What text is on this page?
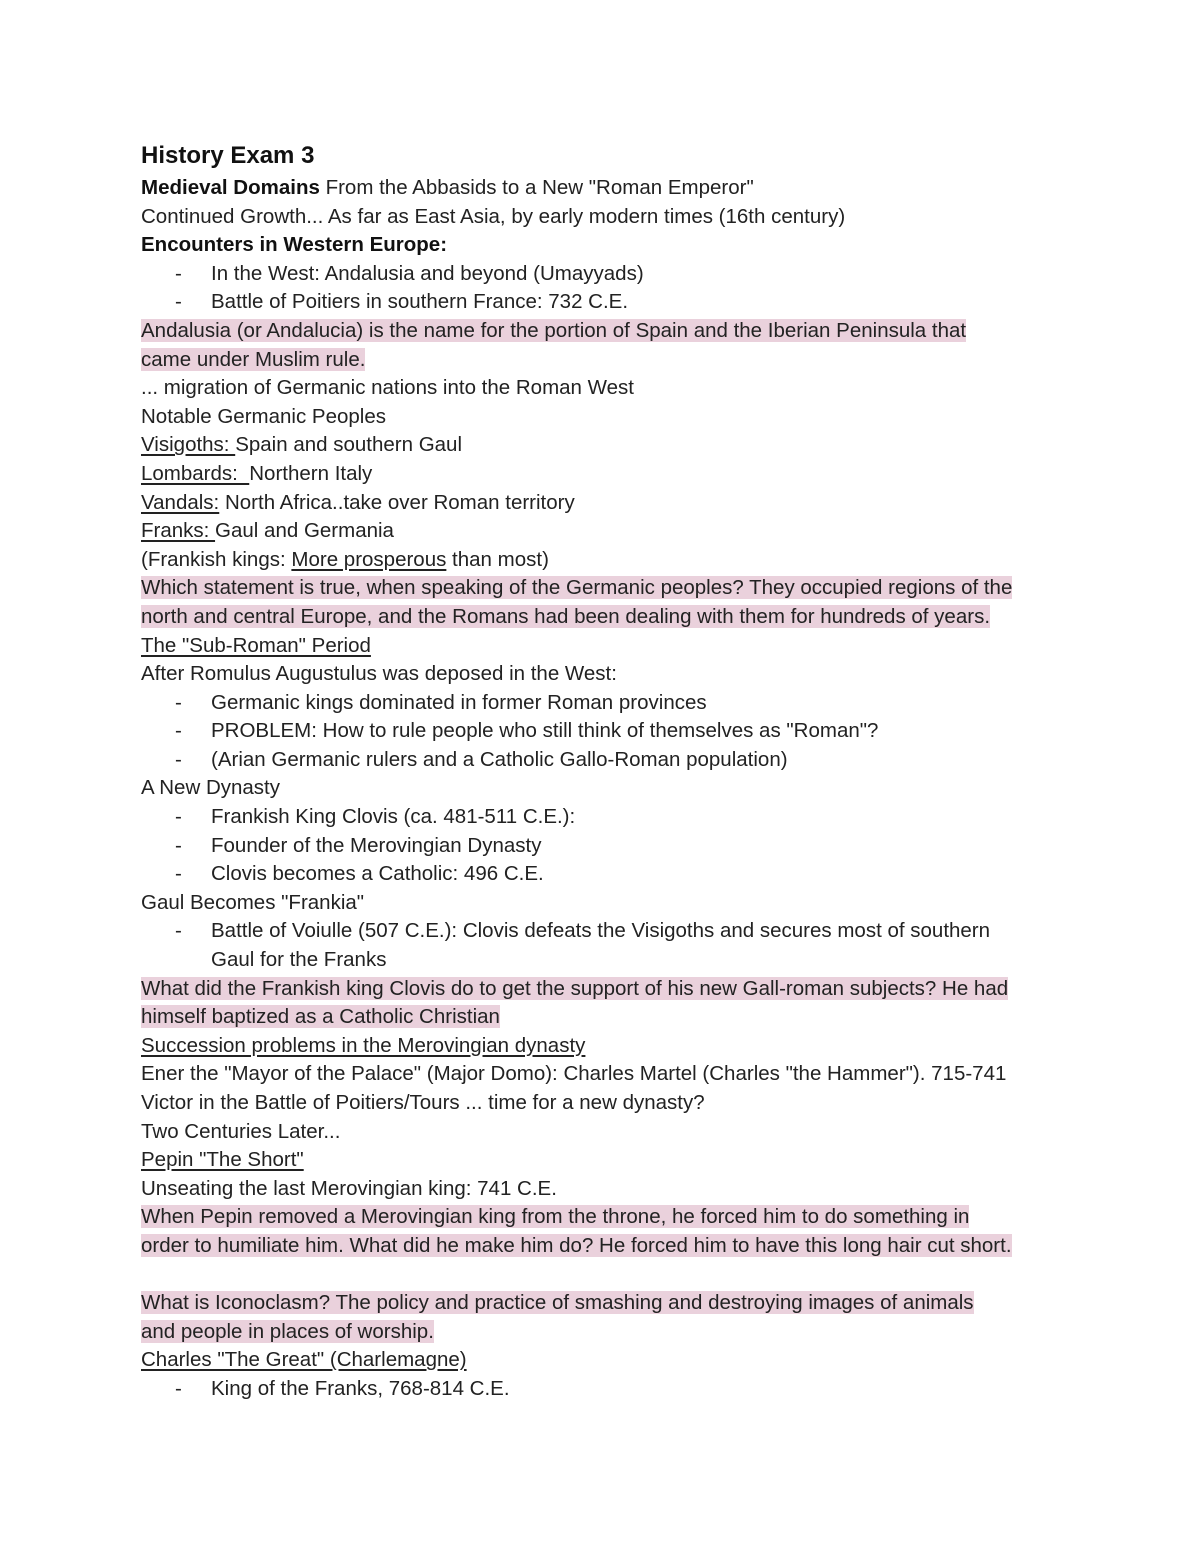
History Exam 3
Medieval Domains From the Abbasids to a New "Roman Emperor"
Continued Growth... As far as East Asia, by early modern times (16th century)
Encounters in Western Europe:
- In the West: Andalusia and beyond (Umayyads)
- Battle of Poitiers in southern France: 732 C.E.
Andalusia (or Andalucia) is the name for the portion of Spain and the Iberian Peninsula that
came under Muslim rule.
... migration of Germanic nations into the Roman West
Notable Germanic Peoples
Visigoths: Spain and southern Gaul
Lombards:  Northern Italy
Vandals: North Africa..take over Roman territory
Franks: Gaul and Germania
(Frankish kings: More prosperous than most)
Which statement is true, when speaking of the Germanic peoples? They occupied regions of the
north and central Europe, and the Romans had been dealing with them for hundreds of years.
The "Sub-Roman" Period
After Romulus Augustulus was deposed in the West:
- Germanic kings dominated in former Roman provinces
- PROBLEM: How to rule people who still think of themselves as "Roman"?
- (Arian Germanic rulers and a Catholic Gallo-Roman population)
A New Dynasty
- Frankish King Clovis (ca. 481-511 C.E.):
- Founder of the Merovingian Dynasty
- Clovis becomes a Catholic: 496 C.E.
Gaul Becomes "Frankia"
- Battle of Voiulle (507 C.E.): Clovis defeats the Visigoths and secures most of southern Gaul for the Franks
What did the Frankish king Clovis do to get the support of his new Gall-roman subjects? He had
himself baptized as a Catholic Christian
Succession problems in the Merovingian dynasty
Ener the "Mayor of the Palace" (Major Domo): Charles Martel (Charles "the Hammer"). 715-741
Victor in the Battle of Poitiers/Tours ... time for a new dynasty?
Two Centuries Later...
Pepin "The Short"
Unseating the last Merovingian king: 741 C.E.
When Pepin removed a Merovingian king from the throne, he forced him to do something in
order to humiliate him. What did he make him do? He forced him to have this long hair cut short.
What is Iconoclasm? The policy and practice of smashing and destroying images of animals
and people in places of worship.
Charles "The Great" (Charlemagne)
- King of the Franks, 768-814 C.E.
